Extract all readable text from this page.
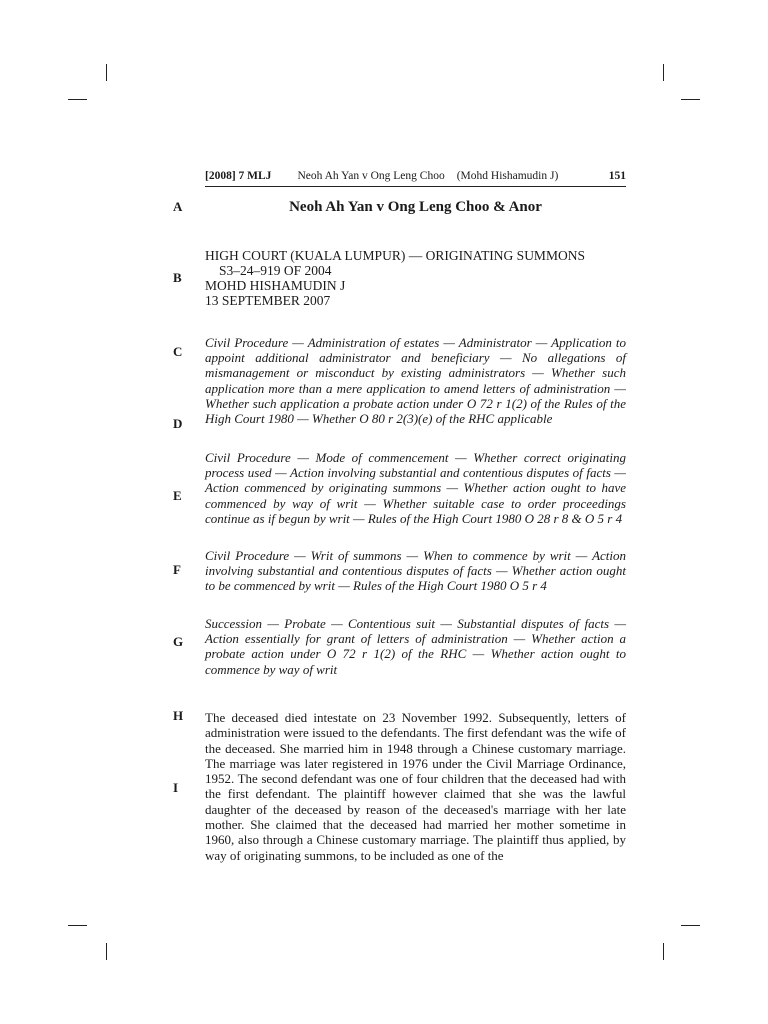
[2008] 7 MLJ Neoh Ah Yan v Ong Leng Choo (Mohd Hishamudin J)	151
A
B
C
D
E
F
G
H
I
Neoh Ah Yan v Ong Leng Choo & Anor
HIGH COURT (KUALA LUMPUR) — ORIGINATING SUMMONS
S3–24–919 OF 2004
MOHD HISHAMUDIN J
13 SEPTEMBER 2007

Civil Procedure — Administration of estates — Administrator — Application to appoint additional administrator and beneficiary — No allegations of mismanagement or misconduct by existing administrators — Whether such application more than a mere application to amend letters of administration — Whether such application a probate action under O 72 r 1(2) of the Rules of the High Court 1980 — Whether O 80 r 2(3)(e) of the RHC applicable

Civil Procedure — Mode of commencement — Whether correct originating process used — Action involving substantial and contentious disputes of facts — Action commenced by originating summons — Whether action ought to have commenced by way of writ — Whether suitable case to order proceedings continue as if begun by writ — Rules of the High Court 1980 O 28 r 8 & O 5 r 4

Civil Procedure — Writ of summons — When to commence by writ — Action involving substantial and contentious disputes of facts — Whether action ought to be commenced by writ — Rules of the High Court 1980 O 5 r 4

Succession — Probate — Contentious suit — Substantial disputes of facts — Action essentially for grant of letters of administration — Whether action a probate action under O 72 r 1(2) of the RHC — Whether action ought to commence by way of writ

The deceased died intestate on 23 November 1992. Subsequently, letters of administration were issued to the defendants. The first defendant was the wife of the deceased. She married him in 1948 through a Chinese customary marriage. The marriage was later registered in 1976 under the Civil Marriage Ordinance, 1952. The second defendant was one of four children that the deceased had with the first defendant. The plaintiff however claimed that she was the lawful daughter of the deceased by reason of the deceased's marriage with her late mother. She claimed that the deceased had married her mother sometime in 1960, also through a Chinese customary marriage. The plaintiff thus applied, by way of originating summons, to be included as one of the
